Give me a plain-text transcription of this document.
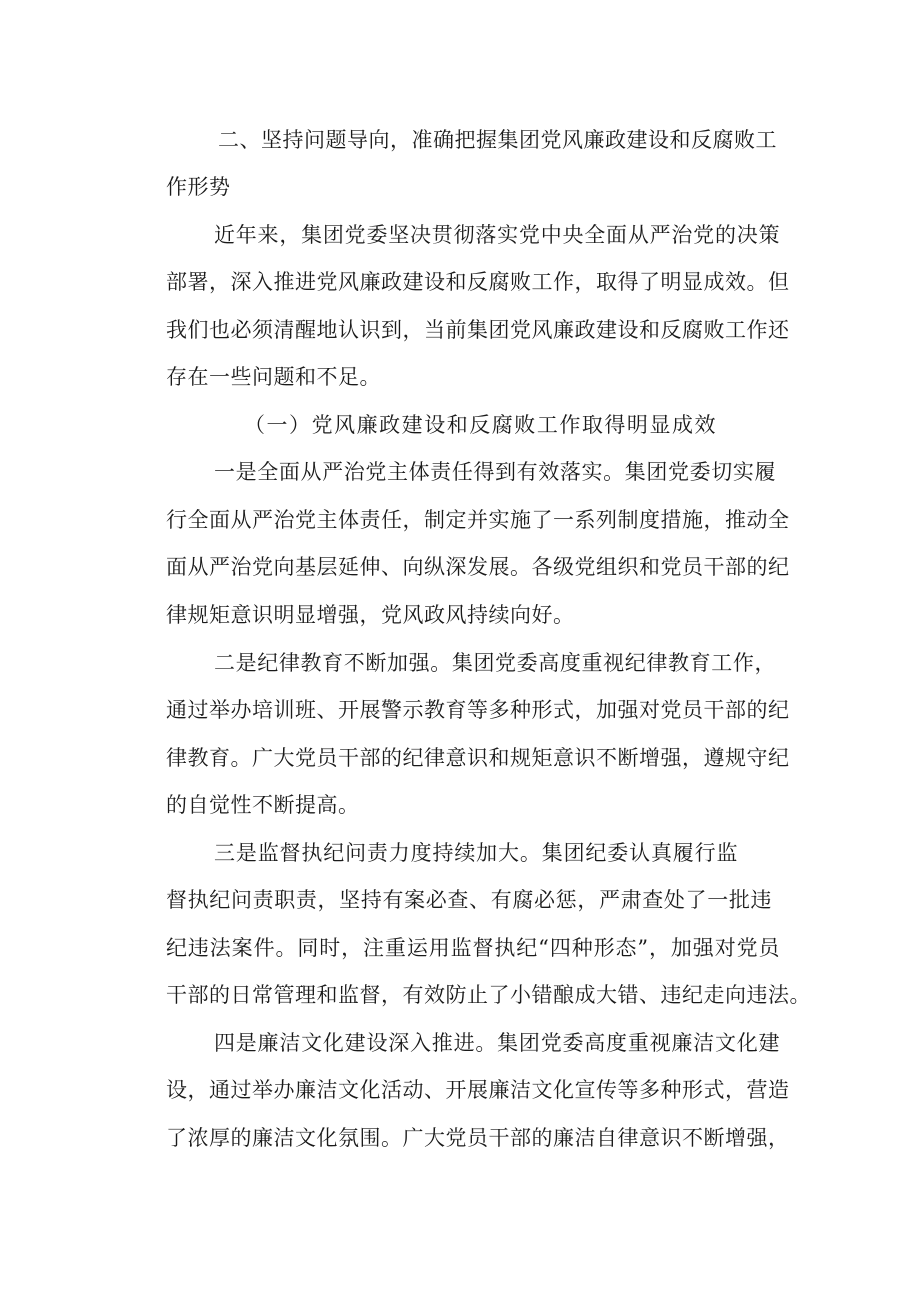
二、坚持问题导向，准确把握集团党风廉政建设和反腐败工

作形势

近年来，集团党委坚决贯彻落实党中央全面从严治党的决策

部署，深入推进党风廉政建设和反腐败工作，取得了明显成效。但

我们也必须清醒地认识到，当前集团党风廉政建设和反腐败工作还

存在一些问题和不足。

（一）党风廉政建设和反腐败工作取得明显成效

一是全面从严治党主体责任得到有效落实。集团党委切实履

行全面从严治党主体责任，制定并实施了一系列制度措施，推动全

面从严治党向基层延伸、向纵深发展。各级党组织和党员干部的纪

律规矩意识明显增强，党风政风持续向好。

二是纪律教育不断加强。集团党委高度重视纪律教育工作，

通过举办培训班、开展警示教育等多种形式，加强对党员干部的纪

律教育。广大党员干部的纪律意识和规矩意识不断增强，遵规守纪

的自觉性不断提高。

三是监督执纪问责力度持续加大。集团纪委认真履行监

督执纪问责职责，坚持有案必查、有腐必惩，严肃查处了一批违

纪违法案件。同时，注重运用监督执纪“四种形态”，加强对党员

干部的日常管理和监督，有效防止了小错酿成大错、违纪走向违法。

四是廉洁文化建设深入推进。集团党委高度重视廉洁文化建

设，通过举办廉洁文化活动、开展廉洁文化宣传等多种形式，营造

了浓厚的廉洁文化氛围。广大党员干部的廉洁自律意识不断增强，
